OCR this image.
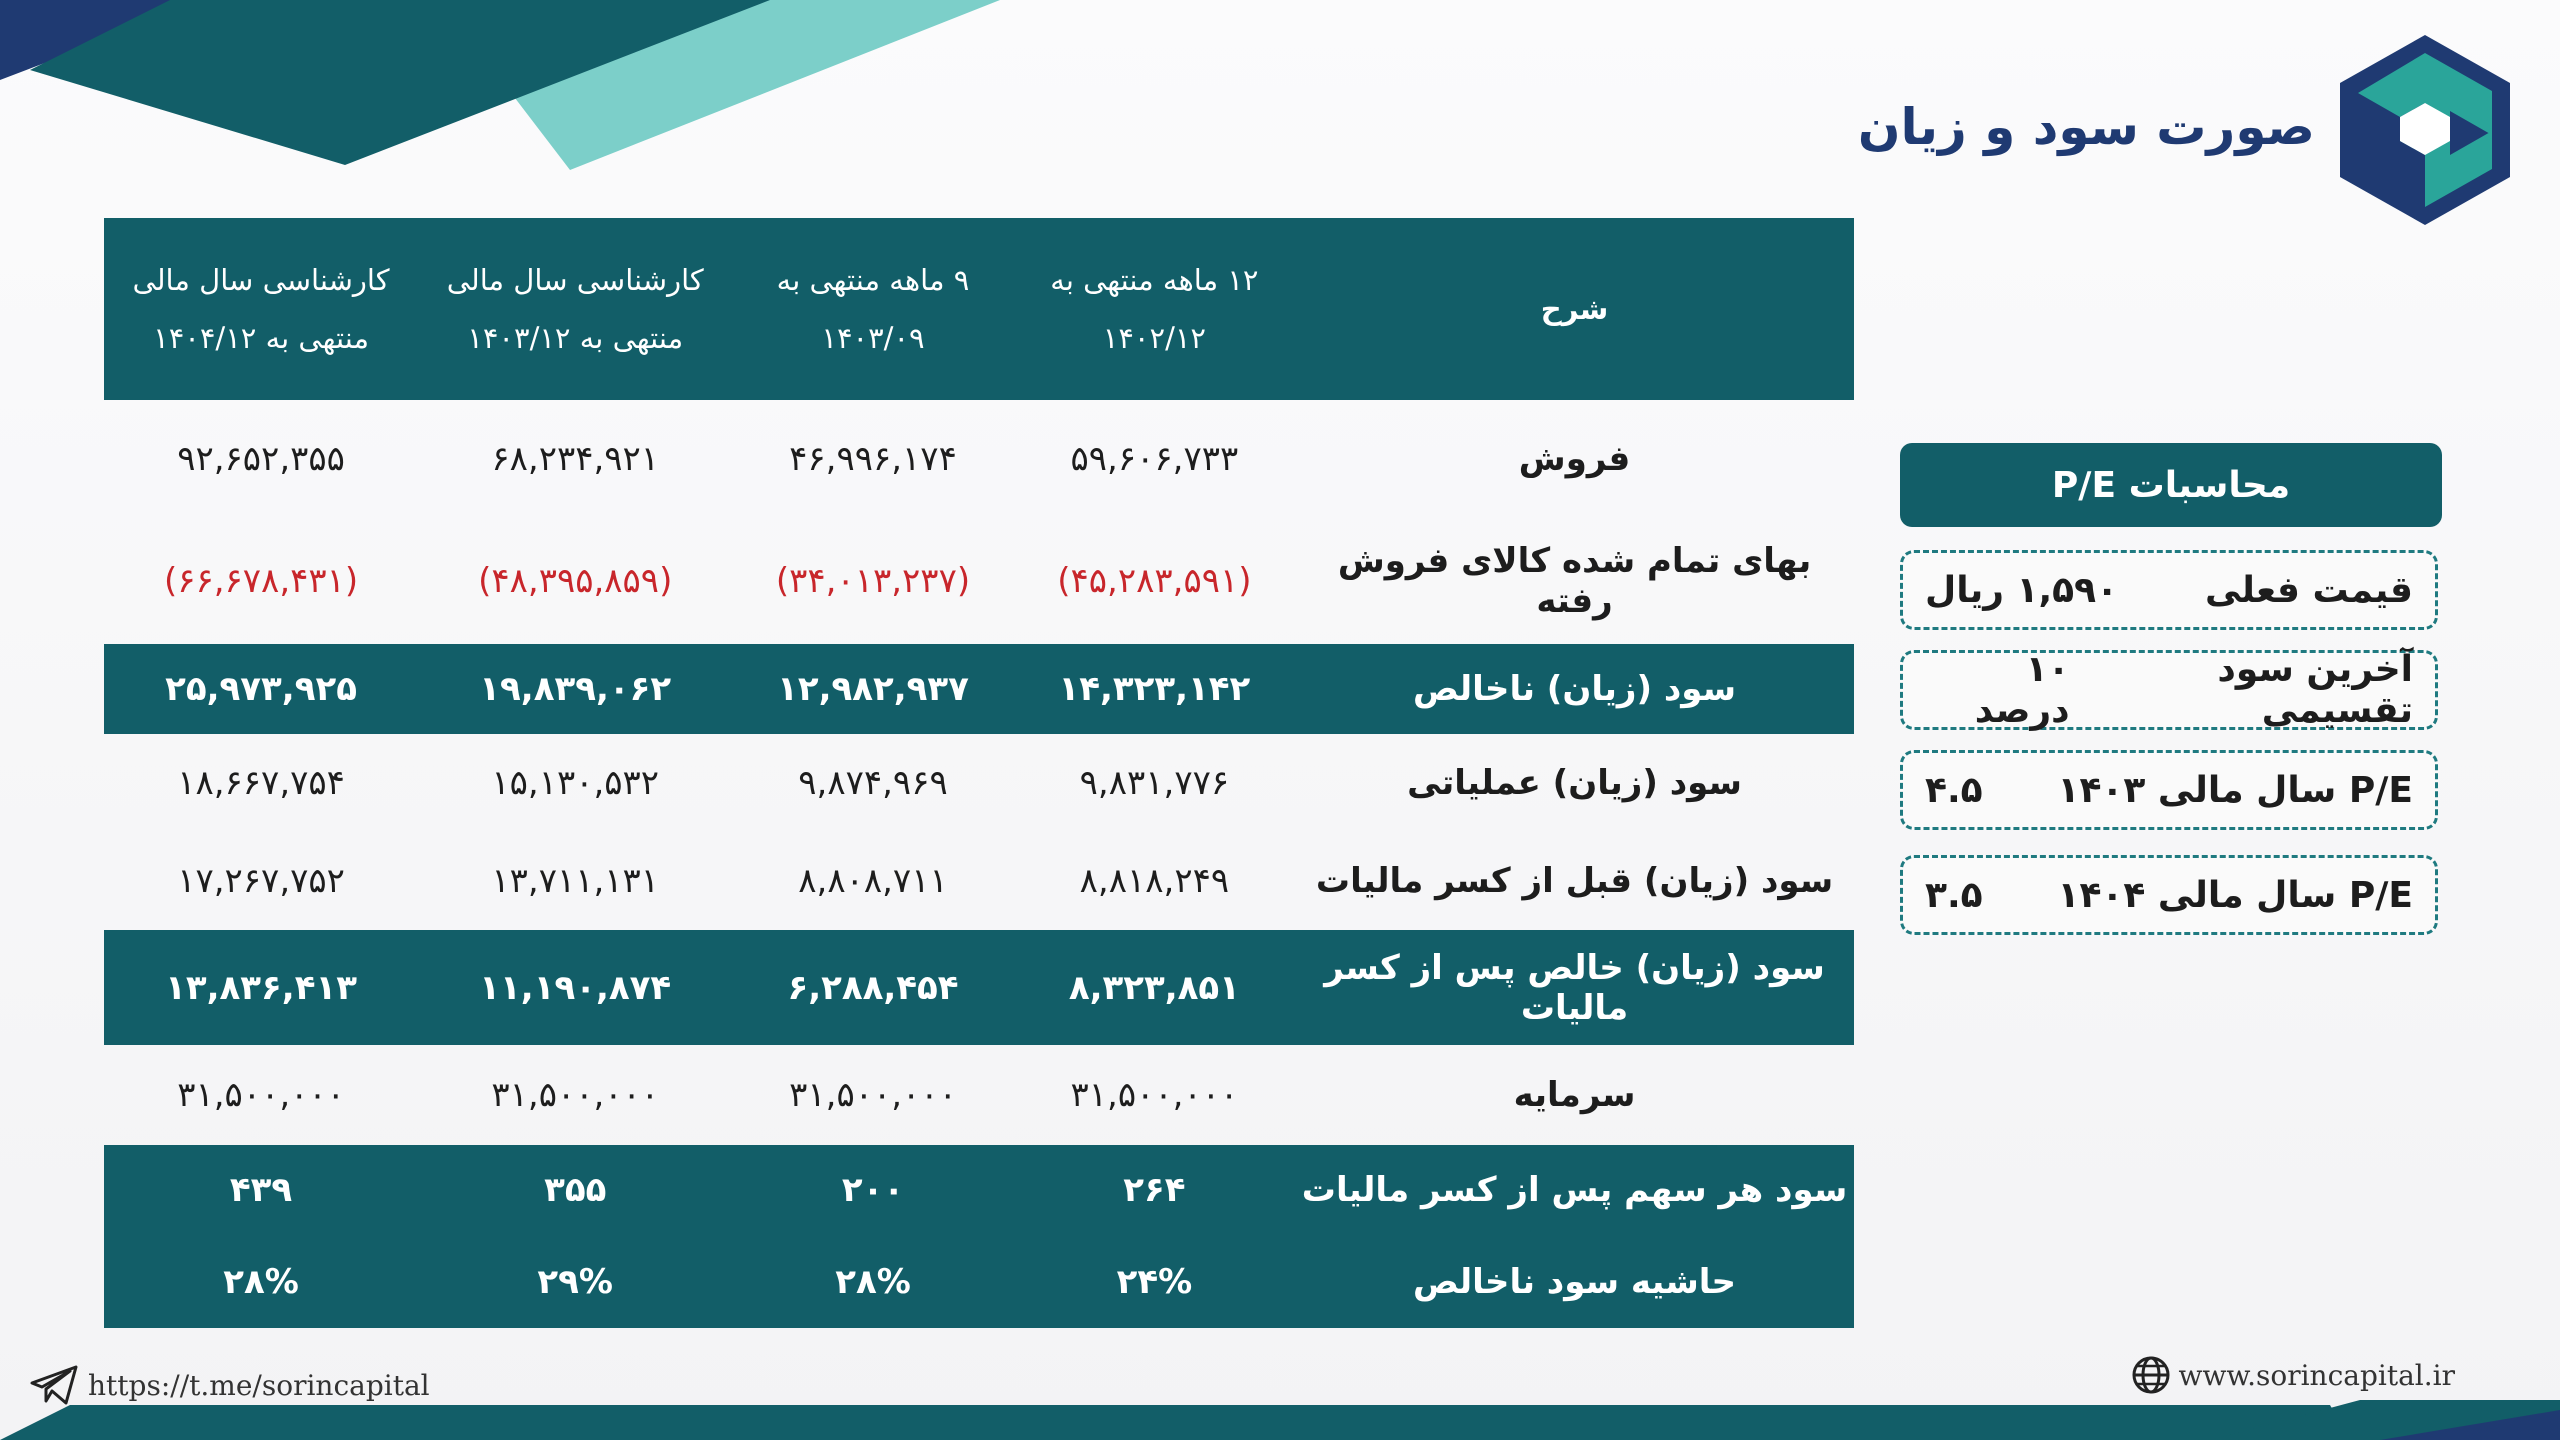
صورت سود و زیان
شرح
۱۲ ماهه منتهی به
۱۴۰۲/۱۲
۹ ماهه منتهی به
۱۴۰۳/۰۹
کارشناسی سال مالی
منتهی به ۱۴۰۳/۱۲
کارشناسی سال مالی
منتهی به ۱۴۰۴/۱۲
فروش
۵۹,۶۰۶,۷۳۳
۴۶,۹۹۶,۱۷۴
۶۸,۲۳۴,۹۲۱
۹۲,۶۵۲,۳۵۵
بهای تمام شده کالای فروش رفته
(۴۵,۲۸۳,۵۹۱)
(۳۴,۰۱۳,۲۳۷)
(۴۸,۳۹۵,۸۵۹)
(۶۶,۶۷۸,۴۳۱)
سود (زیان) ناخالص
۱۴,۳۲۳,۱۴۲
۱۲,۹۸۲,۹۳۷
۱۹,۸۳۹,۰۶۲
۲۵,۹۷۳,۹۲۵
سود (زیان) عملیاتی
۹,۸۳۱,۷۷۶
۹,۸۷۴,۹۶۹
۱۵,۱۳۰,۵۳۲
۱۸,۶۶۷,۷۵۴
سود (زیان) قبل از کسر مالیات
۸,۸۱۸,۲۴۹
۸,۸۰۸,۷۱۱
۱۳,۷۱۱,۱۳۱
۱۷,۲۶۷,۷۵۲
سود (زیان) خالص پس از کسر مالیات
۸,۳۲۳,۸۵۱
۶,۲۸۸,۴۵۴
۱۱,۱۹۰,۸۷۴
۱۳,۸۳۶,۴۱۳
سرمایه
۳۱,۵۰۰,۰۰۰
۳۱,۵۰۰,۰۰۰
۳۱,۵۰۰,۰۰۰
۳۱,۵۰۰,۰۰۰
سود هر سهم پس از کسر مالیات
۲۶۴
۲۰۰
۳۵۵
۴۳۹
حاشیه سود ناخالص
۲۴%
۲۸%
۲۹%
۲۸%
محاسبات P/E
قیمت فعلی
۱,۵۹۰ ریال
آخرین سود تقسیمی
۱۰ درصد
P/E سال مالی ۱۴۰۳
۴.۵
P/E سال مالی ۱۴۰۴
۳.۵
https://t.me/sorincapital	www.sorincapital.ir
